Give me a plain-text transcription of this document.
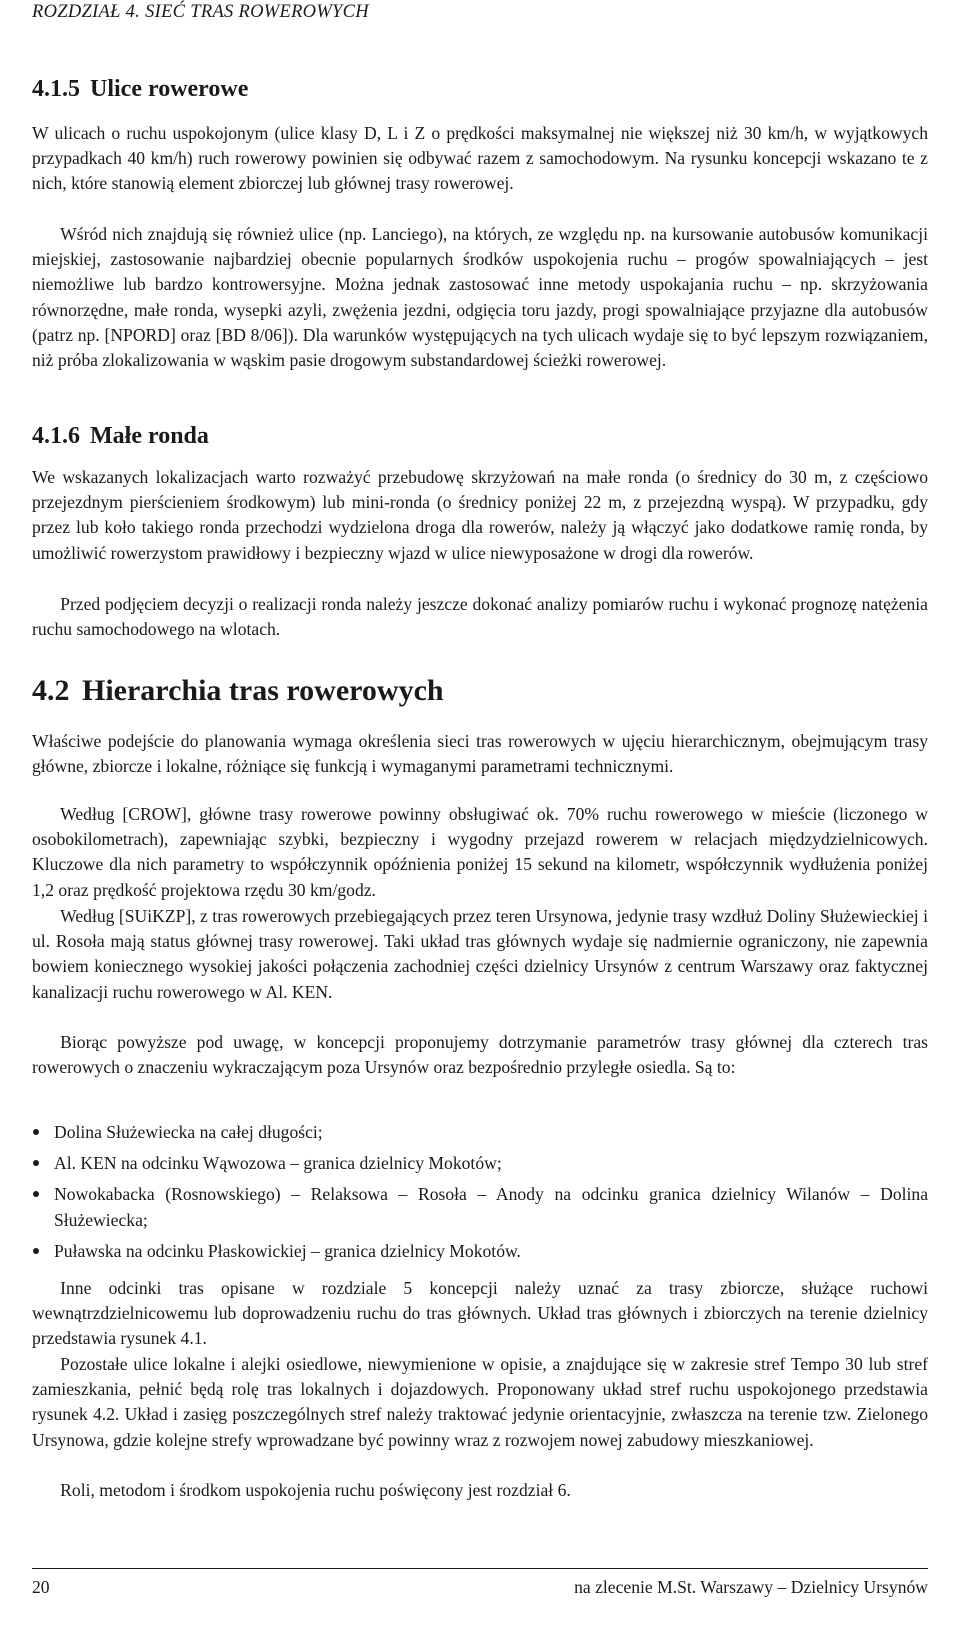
ROZDZIAŁ 4. SIEĆ TRAS ROWEROWYCH
4.1.5 Ulice rowerowe

W ulicach o ruchu uspokojonym (ulice klasy D, L i Z o prędkości maksymalnej nie większej niż 30 km/h, w wyjątkowych przypadkach 40 km/h) ruch rowerowy powinien się odbywać razem z samochodowym. Na rysunku koncepcji wskazano te z nich, które stanowią element zbiorczej lub głównej trasy rowerowej.

Wśród nich znajdują się również ulice (np. Lanciego), na których, ze względu np. na kursowanie autobusów komunikacji miejskiej, zastosowanie najbardziej obecnie popularnych środków uspokojenia ruchu – progów spowalniających – jest niemożliwe lub bardzo kontrowersyjne. Można jednak zastosować inne metody uspokajania ruchu – np. skrzyżowania równorzędne, małe ronda, wysepki azyli, zwężenia jezdni, odgięcia toru jazdy, progi spowalniające przyjazne dla autobusów (patrz np. [NPORD] oraz [BD 8/06]). Dla warunków występujących na tych ulicach wydaje się to być lepszym rozwiązaniem, niż próba zlokalizowania w wąskim pasie drogowym substandardowej ścieżki rowerowej.

4.1.6 Małe ronda

We wskazanych lokalizacjach warto rozważyć przebudowę skrzyżowań na małe ronda (o średnicy do 30 m, z częściowo przejezdnym pierścieniem środkowym) lub mini-ronda (o średnicy poniżej 22 m, z przejezdną wyspą). W przypadku, gdy przez lub koło takiego ronda przechodzi wydzielona droga dla rowerów, należy ją włączyć jako dodatkowe ramię ronda, by umożliwić rowerzystom prawidłowy i bezpieczny wjazd w ulice niewyposażone w drogi dla rowerów.

Przed podjęciem decyzji o realizacji ronda należy jeszcze dokonać analizy pomiarów ruchu i wykonać prognozę natężenia ruchu samochodowego na wlotach.

4.2 Hierarchia tras rowerowych

Właściwe podejście do planowania wymaga określenia sieci tras rowerowych w ujęciu hierarchicznym, obejmującym trasy główne, zbiorcze i lokalne, różniące się funkcją i wymaganymi parametrami technicznymi.

Według [CROW], główne trasy rowerowe powinny obsługiwać ok. 70% ruchu rowerowego w mieście (liczonego w osobokilometrach), zapewniając szybki, bezpieczny i wygodny przejazd rowerem w relacjach międzydzielnicowych. Kluczowe dla nich parametry to współczynnik opóźnienia poniżej 15 sekund na kilometr, współczynnik wydłużenia poniżej 1,2 oraz prędkość projektowa rzędu 30 km/godz.

Według [SUiKZP], z tras rowerowych przebiegających przez teren Ursynowa, jedynie trasy wzdłuż Doliny Służewieckiej i ul. Rosoła mają status głównej trasy rowerowej. Taki układ tras głównych wydaje się nadmiernie ograniczony, nie zapewnia bowiem koniecznego wysokiej jakości połączenia zachodniej części dzielnicy Ursynów z centrum Warszawy oraz faktycznej kanalizacji ruchu rowerowego w Al. KEN.

Biorąc powyższe pod uwagę, w koncepcji proponujemy dotrzymanie parametrów trasy głównej dla czterech tras rowerowych o znaczeniu wykraczającym poza Ursynów oraz bezpośrednio przyległe osiedla. Są to:

Dolina Służewiecka na całej długości;
Al. KEN na odcinku Wąwozowa – granica dzielnicy Mokotów;
Nowokabacka (Rosnowskiego) – Relaksowa – Rosoła – Anody na odcinku granica dzielnicy Wilanów – Dolina Służewiecka;
Puławska na odcinku Płaskowickiej – granica dzielnicy Mokotów.

Inne odcinki tras opisane w rozdziale 5 koncepcji należy uznać za trasy zbiorcze, służące ruchowi wewnątrzdzielnicowemu lub doprowadzeniu ruchu do tras głównych. Układ tras głównych i zbiorczych na terenie dzielnicy przedstawia rysunek 4.1.

Pozostałe ulice lokalne i alejki osiedlowe, niewymienione w opisie, a znajdujące się w zakresie stref Tempo 30 lub stref zamieszkania, pełnić będą rolę tras lokalnych i dojazdowych. Proponowany układ stref ruchu uspokojonego przedstawia rysunek 4.2. Układ i zasięg poszczególnych stref należy traktować jedynie orientacyjnie, zwłaszcza na terenie tzw. Zielonego Ursynowa, gdzie kolejne strefy wprowadzane być powinny wraz z rozwojem nowej zabudowy mieszkaniowej.

Roli, metodom i środkom uspokojenia ruchu poświęcony jest rozdział 6.

20	na zlecenie M.St. Warszawy – Dzielnicy Ursynów
